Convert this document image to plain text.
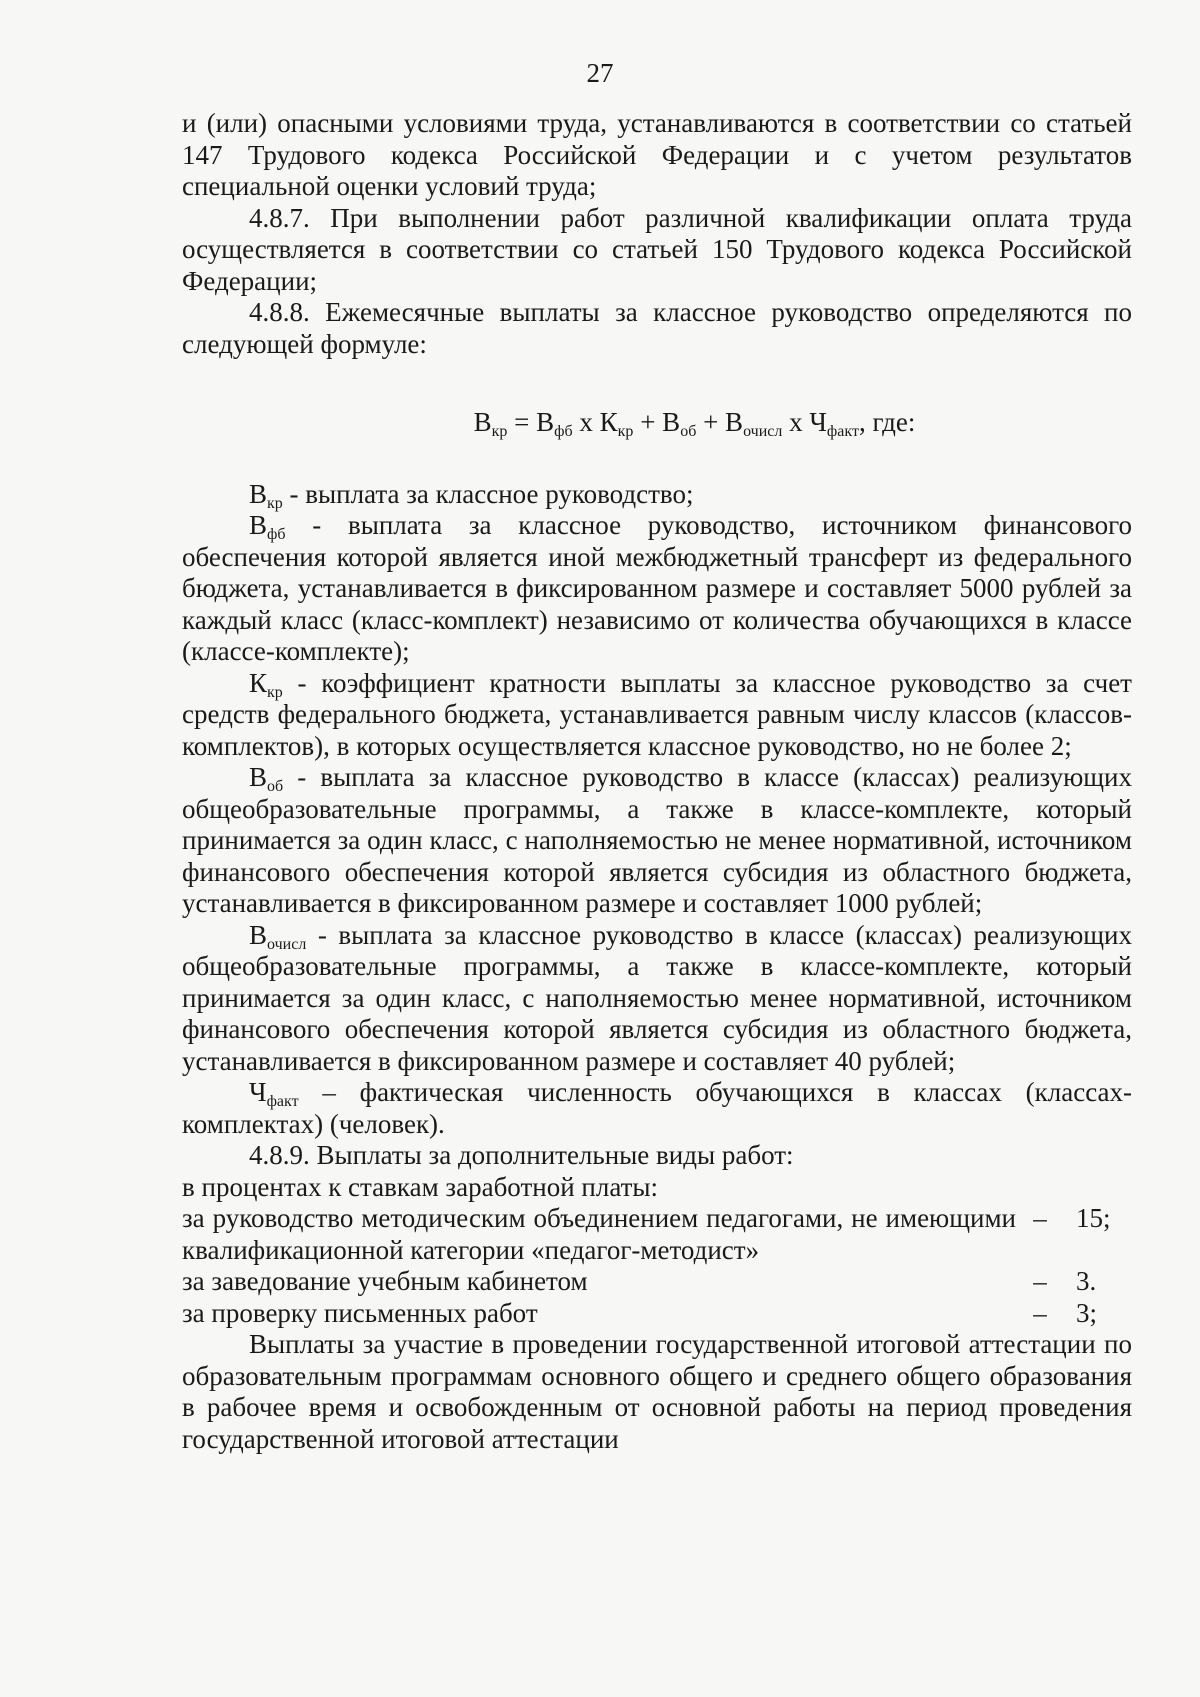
27

и (или) опасными условиями труда, устанавливаются в соответствии со статьей 147 Трудового кодекса Российской Федерации и с учетом результатов специальной оценки условий труда;

4.8.7. При выполнении работ различной квалификации оплата труда осуществляется в соответствии со статьей 150 Трудового кодекса Российской Федерации;

4.8.8. Ежемесячные выплаты за классное руководство определяются по следующей формуле:

$В_{кр} = В_{фб}$ х $К_{кр} + В_{об} + В_{очисл}$ х $Ч_{факт}$, где:

$В_{кр}$ - выплата за классное руководство;

$В_{фб}$ - выплата за классное руководство, источником финансового обеспечения которой является иной межбюджетный трансферт из федерального бюджета, устанавливается в фиксированном размере и составляет 5000 рублей за каждый класс (класс-комплект) независимо от количества обучающихся в классе (классе-комплекте);

$К_{кр}$ - коэффициент кратности выплаты за классное руководство за счет средств федерального бюджета, устанавливается равным числу классов (классов-комплектов), в которых осуществляется классное руководство, но не более 2;

$В_{об}$ - выплата за классное руководство в классе (классах) реализующих общеобразовательные программы, а также в классе-комплекте, который принимается за один класс, с наполняемостью не менее нормативной, источником финансового обеспечения которой является субсидия из областного бюджета, устанавливается в фиксированном размере и составляет 1000 рублей;

$В_{очисл}$ - выплата за классное руководство в классе (классах) реализующих общеобразовательные программы, а также в классе-комплекте, который принимается за один класс, с наполняемостью менее нормативной, источником финансового обеспечения которой является субсидия из областного бюджета, устанавливается в фиксированном размере и составляет 40 рублей;

$Ч_{факт}$ – фактическая численность обучающихся в классах (классах-комплектах) (человек).

4.8.9. Выплаты за дополнительные виды работ:

в процентах к ставкам заработной платы:

за руководство методическим объединением педагогами, не имеющими квалификационной категории «педагог-методист»
–	15;
за заведование учебным кабинетом	–	3.
за проверку письменных работ	–	3;

Выплаты за участие в проведении государственной итоговой аттестации по образовательным программам основного общего и среднего общего образования в рабочее время и освобожденным от основной работы на период проведения государственной итоговой аттестации
